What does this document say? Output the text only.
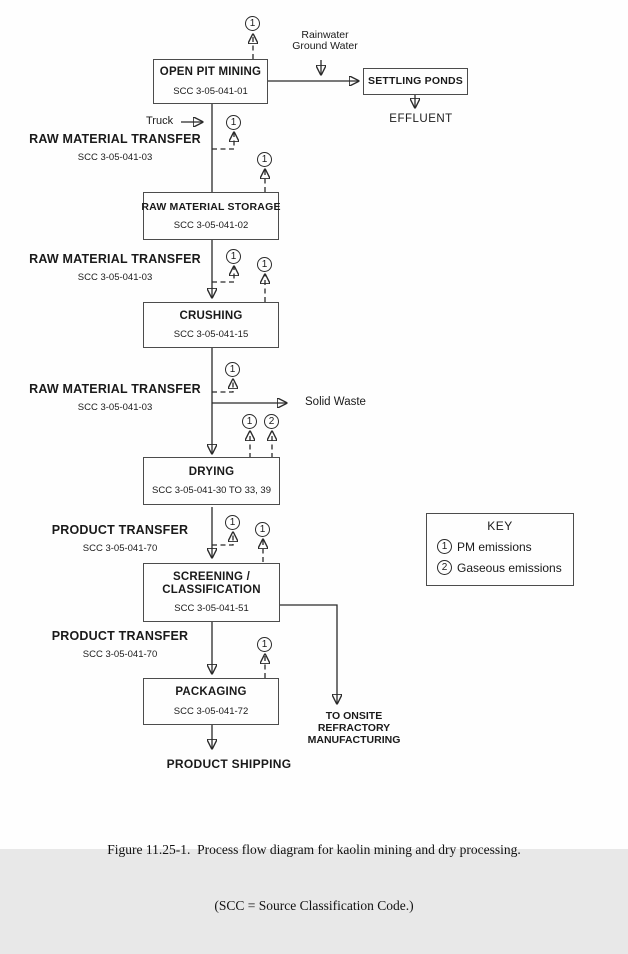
OPEN PIT MINING
SCC 3-05-041-01
SETTLING PONDS
RAW MATERIAL STORAGE
SCC 3-05-041-02
CRUSHING
SCC 3-05-041-15
DRYING
SCC 3-05-041-30 TO 33, 39
SCREENING /
CLASSIFICATION
SCC 3-05-041-51
PACKAGING
SCC 3-05-041-72
RAW MATERIAL TRANSFER
SCC 3-05-041-03
RAW MATERIAL TRANSFER
SCC 3-05-041-03
RAW MATERIAL TRANSFER
SCC 3-05-041-03
PRODUCT TRANSFER
SCC 3-05-041-70
PRODUCT TRANSFER
SCC 3-05-041-70
Truck
Rainwater
Ground Water
EFFLUENT
Solid Waste
PRODUCT SHIPPING
TO ONSITE
REFRACTORY
MANUFACTURING
1
1
1
1
1
1
1	2
1
1
1
KEY
1 PM emissions
2 Gaseous emissions

Figure 11.25-1.  Process flow diagram for kaolin mining and dry processing.

(SCC = Source Classification Code.)
